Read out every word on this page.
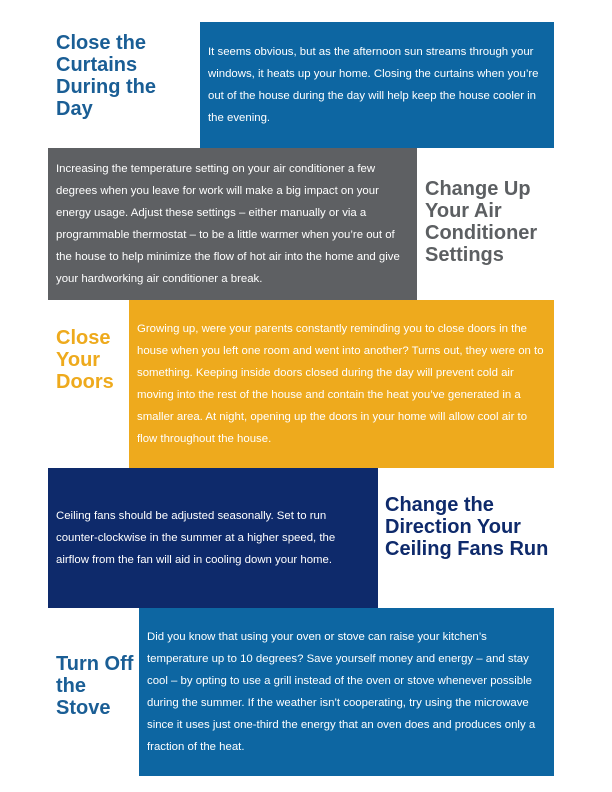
Close the Curtains During the Day

It seems obvious, but as the afternoon sun streams through your windows, it heats up your home. Closing the curtains when you’re out of the house during the day will help keep the house cooler in the evening.

Increasing the temperature setting on your air conditioner a few degrees when you leave for work will make a big impact on your energy usage. Adjust these settings – either manually or via a programmable thermostat – to be a little warmer when you’re out of the house to help minimize the flow of hot air into the home and give your hardworking air conditioner a break.

Change Up Your Air Conditioner Settings
Close Your Doors

Growing up, were your parents constantly reminding you to close doors in the house when you left one room and went into another? Turns out, they were on to something. Keeping inside doors closed during the day will prevent cold air moving into the rest of the house and contain the heat you’ve generated in a smaller area. At night, opening up the doors in your home will allow cool air to flow throughout the house.

Ceiling fans should be adjusted seasonally. Set to run counter-clockwise in the summer at a higher speed, the airflow from the fan will aid in cooling down your home.

Change the Direction Your Ceiling Fans Run
Turn Off the Stove

Did you know that using your oven or stove can raise your kitchen’s temperature up to 10 degrees? Save yourself money and energy – and stay cool – by opting to use a grill instead of the oven or stove whenever possible during the summer. If the weather isn’t cooperating, try using the microwave since it uses just one-third the energy that an oven does and produces only a fraction of the heat.
